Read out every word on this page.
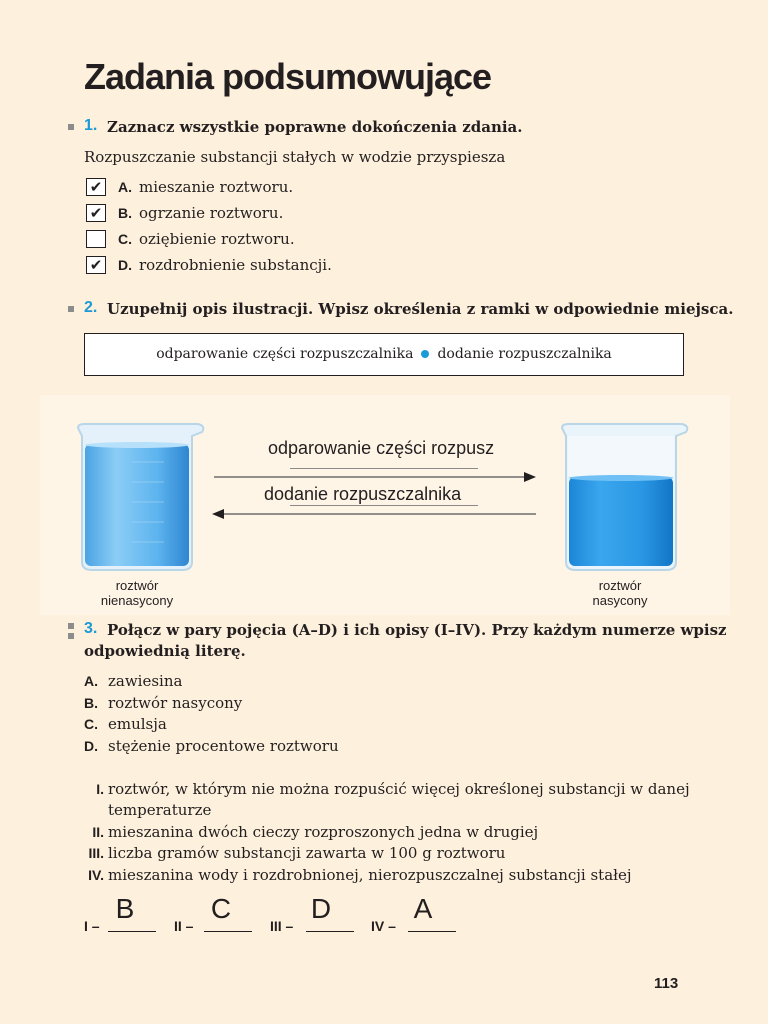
Zadania podsumowujące
1. Zaznacz wszystkie poprawne dokończenia zdania.
Rozpuszczanie substancji stałych w wodzie przyspiesza
✔ A. mieszanie roztworu.
✔ B. ogrzanie roztworu.
C. oziębienie roztworu.
✔ D. rozdrobnienie substancji.
2. Uzupełnij opis ilustracji. Wpisz określenia z ramki w odpowiednie miejsca.
odparowanie części rozpuszczalnika dodanie rozpuszczalnika
odparowanie części rozpusz
dodanie rozpuszczalnika
roztwór
nienasycony
roztwór
nasycony
3. Połącz w pary pojęcia (A–D) i ich opisy (I–IV). Przy każdym numerze wpisz
odpowiednią literę.
A. zawiesina
B. roztwór nasycony
C. emulsja
D. stężenie procentowe roztworu
I. roztwór, w którym nie można rozpuścić więcej określonej substancji w danej
temperaturze
II. mieszanina dwóch cieczy rozproszonych jedna w drugiej
III. liczba gramów substancji zawarta w 100 g roztworu
IV. mieszanina wody i rozdrobnionej, nierozpuszczalnej substancji stałej
I –
B
II –
C
III –
D
IV –
A
113
